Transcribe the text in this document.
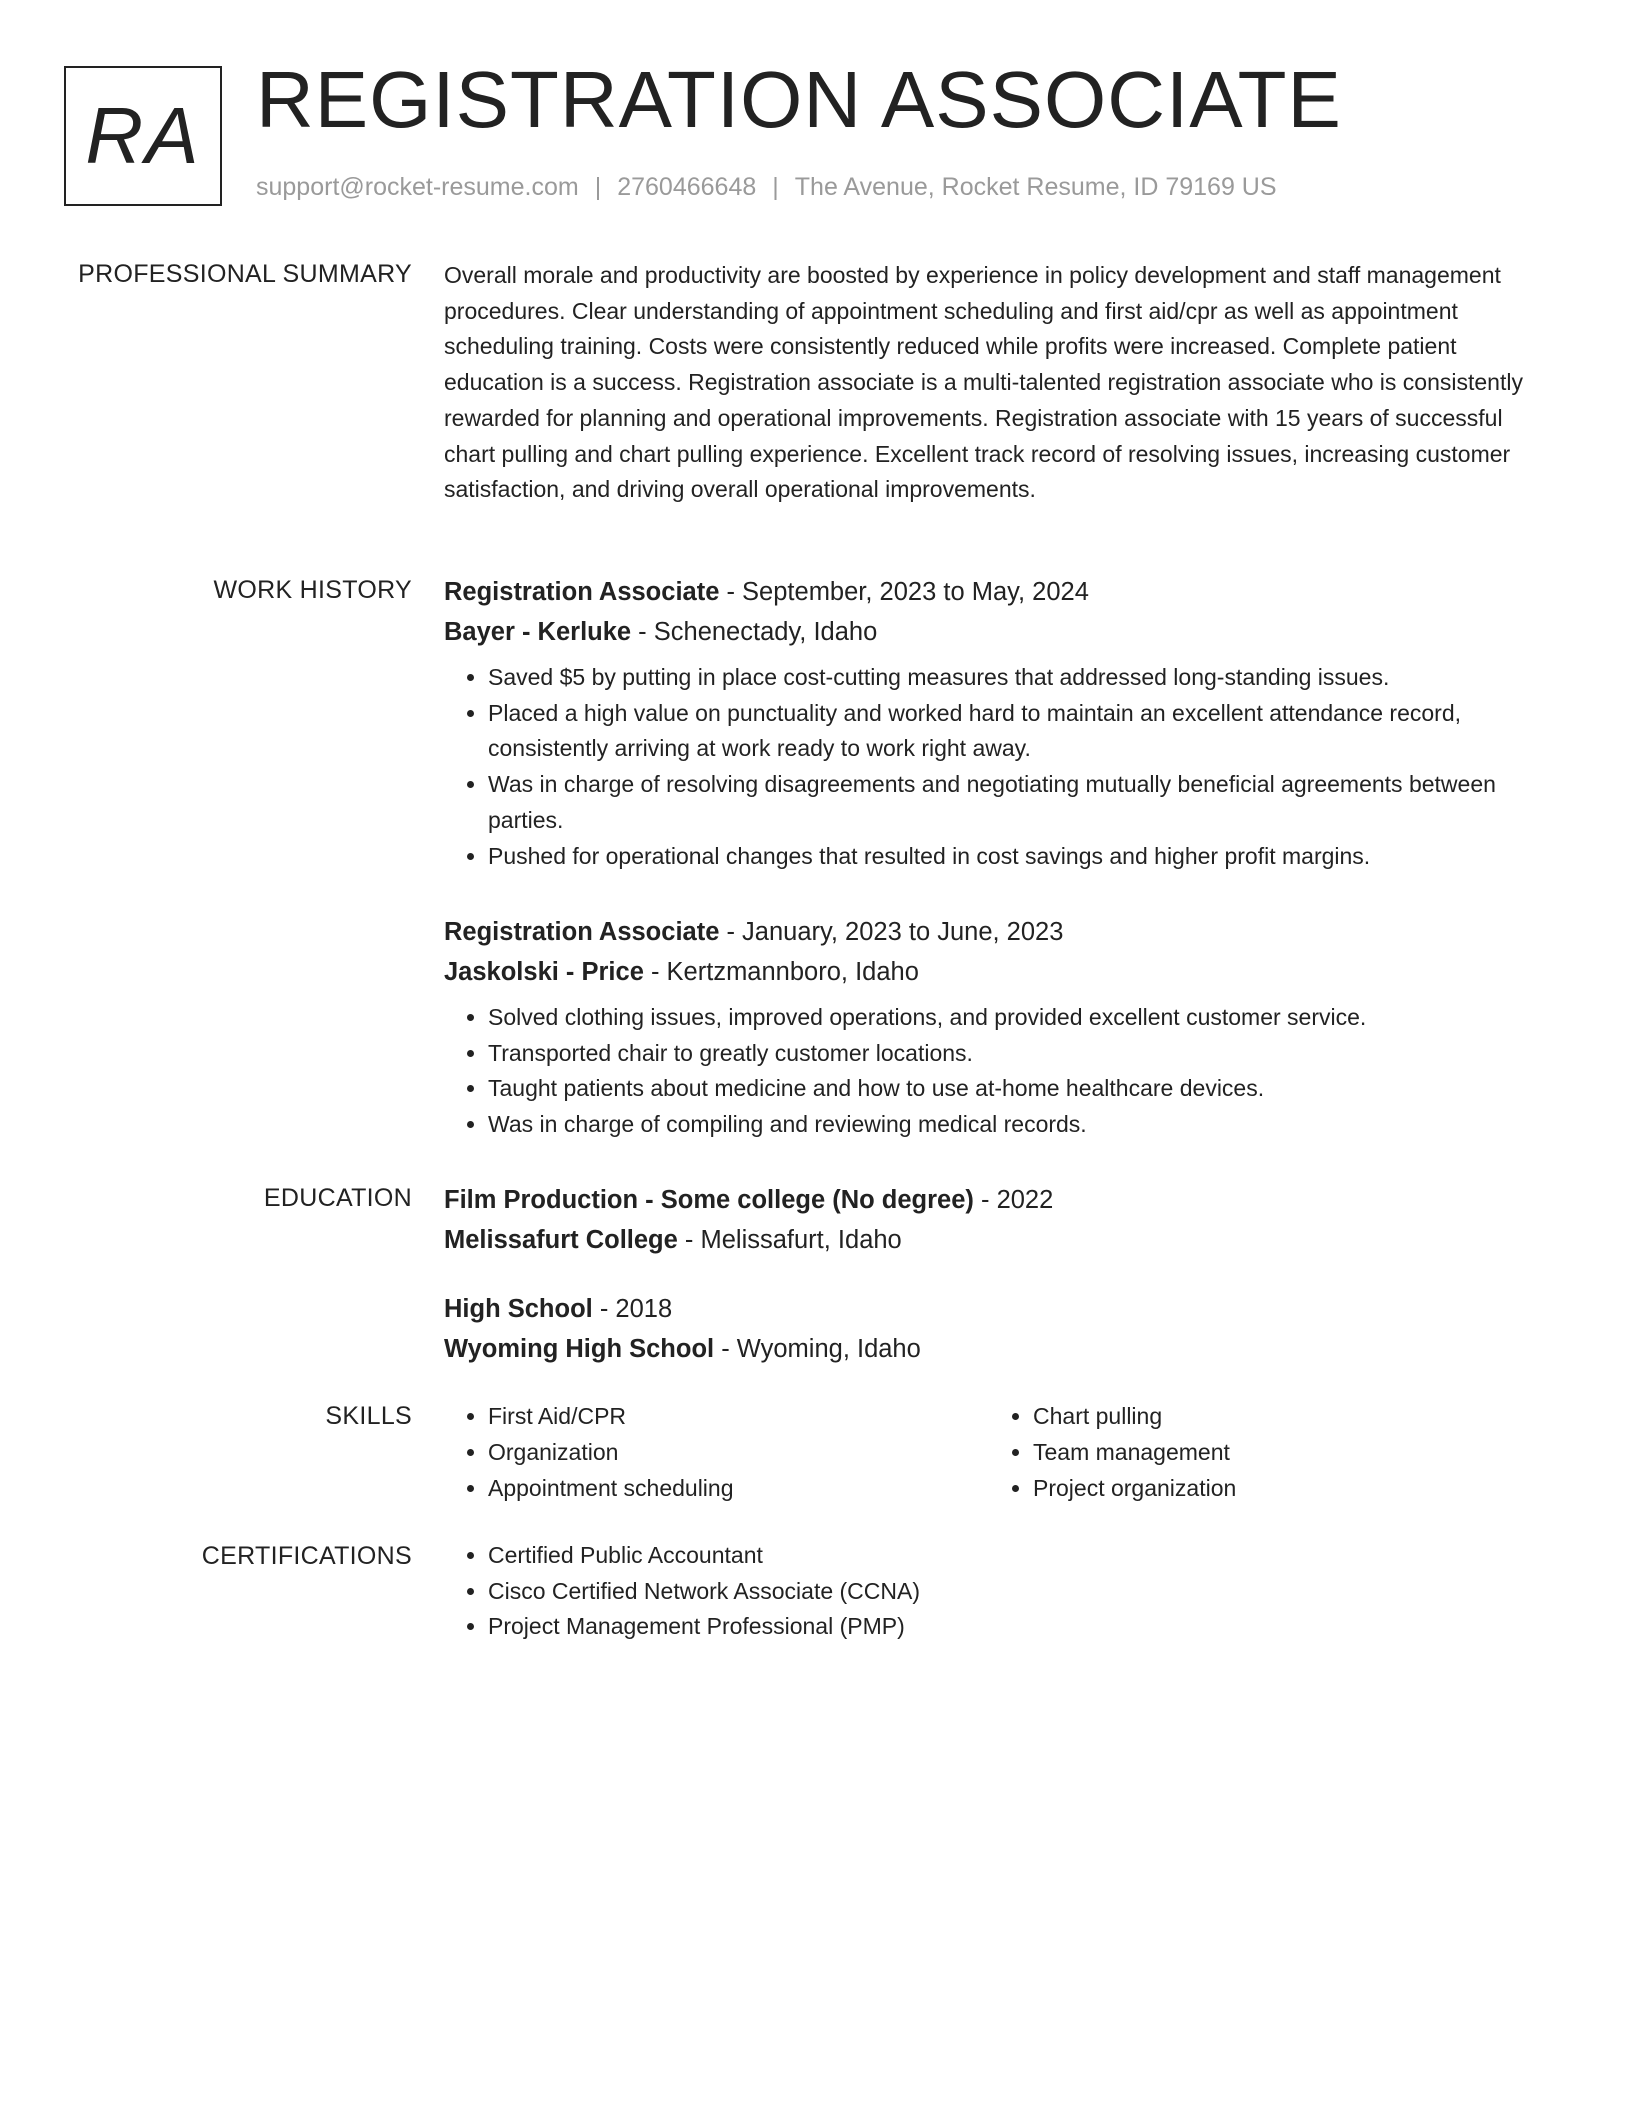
RA REGISTRATION ASSOCIATE
support@rocket-resume.com | 2760466648 | The Avenue, Rocket Resume, ID 79169 US
PROFESSIONAL SUMMARY Overall morale and productivity are boosted by experience in policy development and staff management procedures. Clear understanding of appointment scheduling and first aid/cpr as well as appointment scheduling training. Costs were consistently reduced while profits were increased. Complete patient education is a success. Registration associate is a multi-talented registration associate who is consistently rewarded for planning and operational improvements. Registration associate with 15 years of successful chart pulling and chart pulling experience. Excellent track record of resolving issues, increasing customer satisfaction, and driving overall operational improvements.

WORK HISTORY Registration Associate - September, 2023 to May, 2024
Bayer - Kerluke - Schenectady, Idaho
• Saved $5 by putting in place cost-cutting measures that addressed long-standing issues.
• Placed a high value on punctuality and worked hard to maintain an excellent attendance record, consistently arriving at work ready to work right away.
• Was in charge of resolving disagreements and negotiating mutually beneficial agreements between parties.
• Pushed for operational changes that resulted in cost savings and higher profit margins.
Registration Associate - January, 2023 to June, 2023
Jaskolski - Price - Kertzmannboro, Idaho
• Solved clothing issues, improved operations, and provided excellent customer service.
• Transported chair to greatly customer locations.
• Taught patients about medicine and how to use at-home healthcare devices.
• Was in charge of compiling and reviewing medical records.
EDUCATION Film Production - Some college (No degree) - 2022
Melissafurt College - Melissafurt, Idaho
High School - 2018
Wyoming High School - Wyoming, Idaho
SKILLS	• First Aid/CPR
• Organization
• Appointment scheduling
• Chart pulling
• Team management
• Project organization
CERTIFICATIONS	• Certified Public Accountant
• Cisco Certified Network Associate (CCNA)
• Project Management Professional (PMP)
